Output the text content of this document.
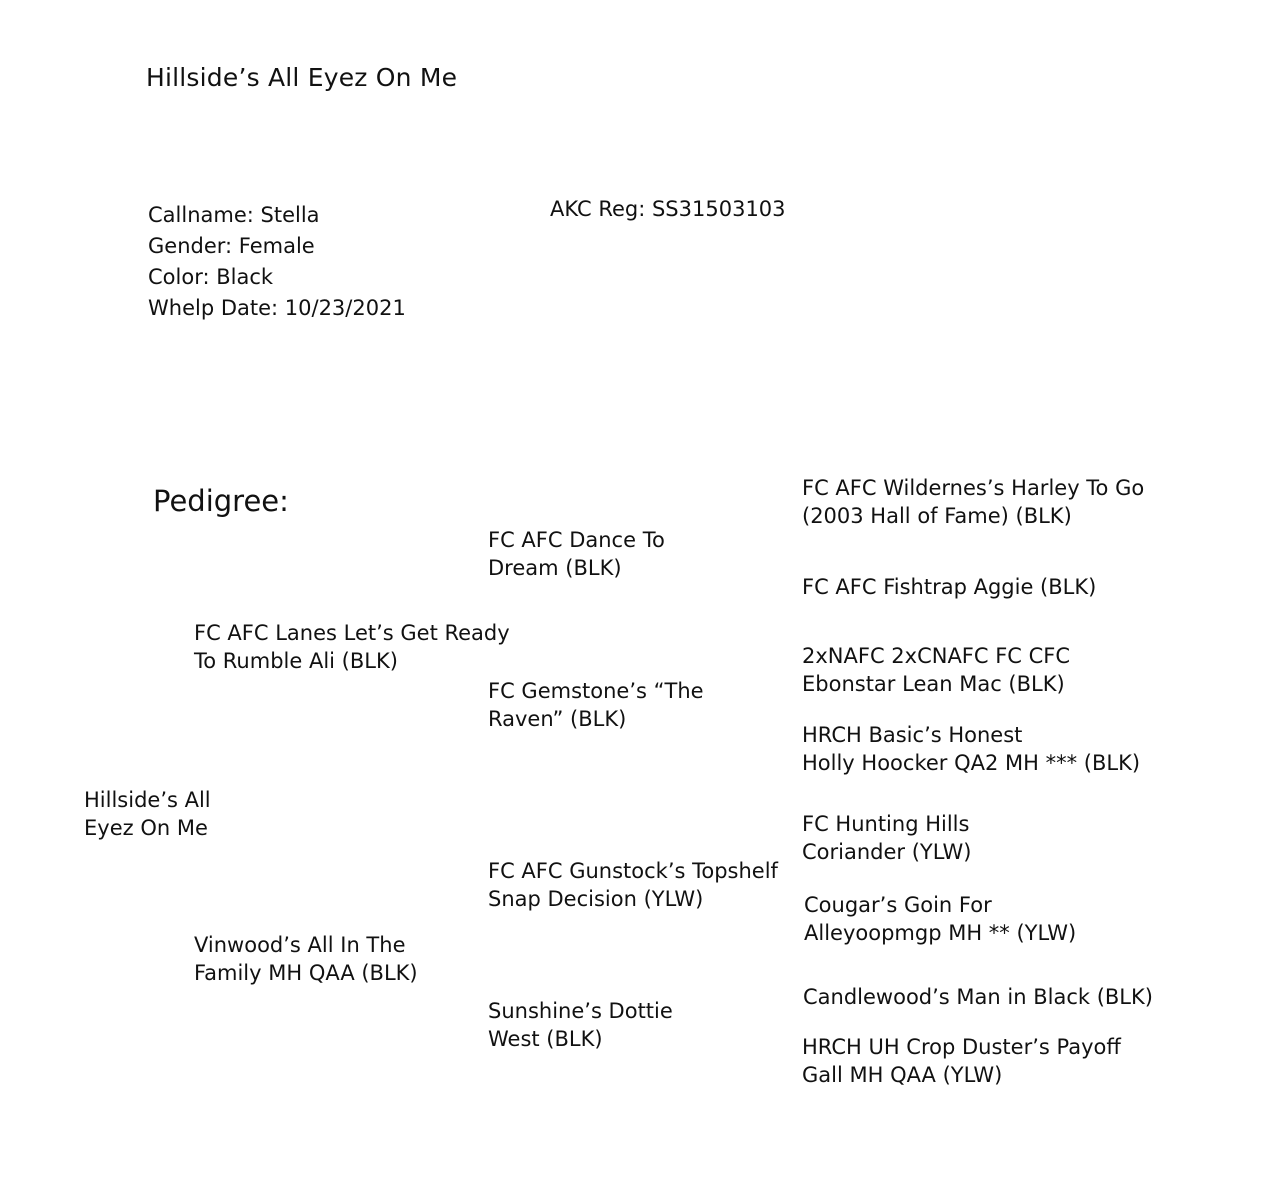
Hillside’s All Eyez On Me
Callname: Stella
Gender: Female
Color: Black
Whelp Date: 10/23/2021
AKC Reg: SS31503103
Pedigree:
Hillside’s All
Eyez On Me
FC AFC Lanes Let’s Get Ready
To Rumble Ali (BLK)
Vinwood’s All In The
Family MH QAA (BLK)
FC AFC Dance To
Dream (BLK)
FC Gemstone’s “The
Raven” (BLK)
FC AFC Gunstock’s Topshelf
Snap Decision (YLW)
Sunshine’s Dottie
West (BLK)
FC AFC Wildernes’s Harley To Go
(2003 Hall of Fame) (BLK)
FC AFC Fishtrap Aggie (BLK)
2xNAFC 2xCNAFC FC CFC
Ebonstar Lean Mac (BLK)
HRCH Basic’s Honest
Holly Hoocker QA2 MH *** (BLK)
FC Hunting Hills
Coriander (YLW)
Cougar’s Goin For
Alleyoopmgp MH ** (YLW)
Candlewood’s Man in Black (BLK)
HRCH UH Crop Duster’s Payoff
Gall MH QAA (YLW)
